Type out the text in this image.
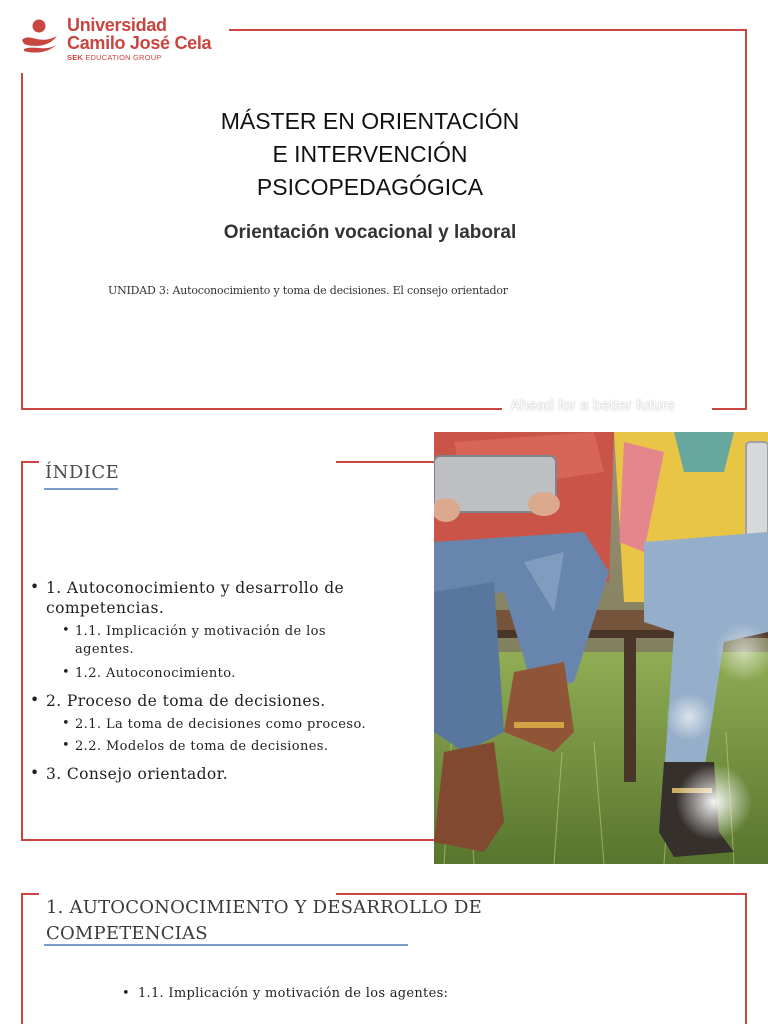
Universidad
Camilo José Cela
SEK EDUCATION GROUP
MÁSTER EN ORIENTACIÓN
E INTERVENCIÓN
PSICOPEDAGÓGICA
Orientación vocacional y laboral
UNIDAD 3: Autoconocimiento y toma de decisiones. El consejo orientador
Ahead for a better future
ÍNDICE
• 1. Autoconocimiento y desarrollo de
competencias.
• 1.1. Implicación y motivación de los
agentes.
• 1.2. Autoconocimiento.
• 2. Proceso de toma de decisiones.
• 2.1. La toma de decisiones como proceso.
• 2.2. Modelos de toma de decisiones.
• 3. Consejo orientador.
1. AUTOCONOCIMIENTO Y DESARROLLO DE
COMPETENCIAS
• 1.1. Implicación y motivación de los agentes:
